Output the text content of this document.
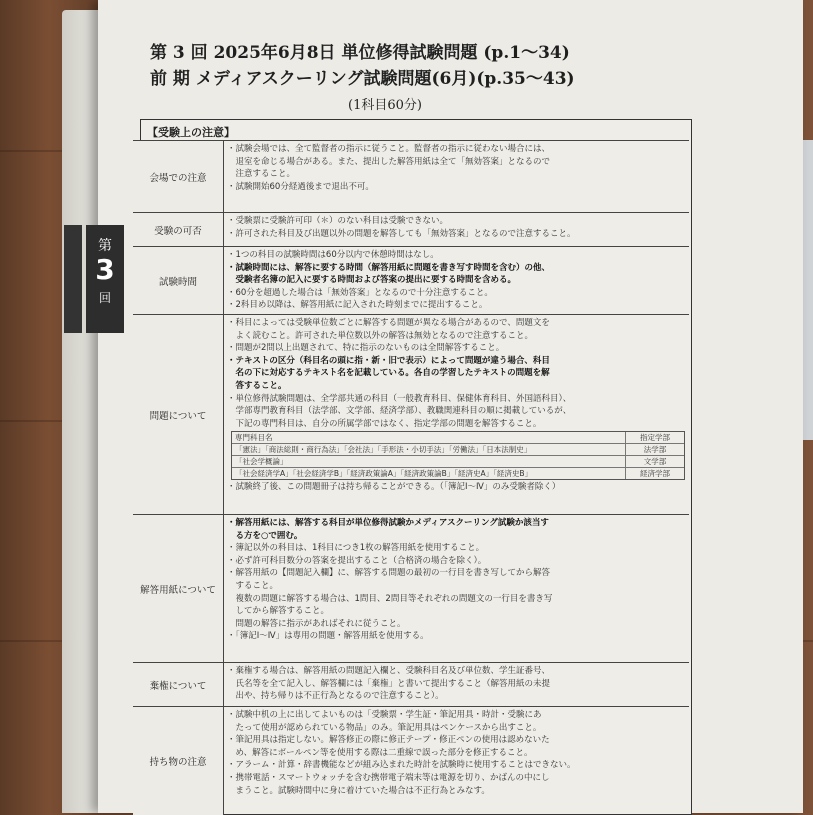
第
3
回
第 3 回 2025年6月8日 単位修得試験問題 (p.1〜34)
前 期 メディアスクーリング試験問題(6月)(p.35〜43)
(1科目60分)
【受験上の注意】
会場での注意
・試験会場では、全て監督者の指示に従うこと。監督者の指示に従わない場合には、
　退室を命じる場合がある。また、提出した解答用紙は全て「無効答案」となるので
　注意すること。
・試験開始60分経過後まで退出不可。
受験の可否
・受験票に受験許可印（＊）のない科目は受験できない。
・許可された科目及び出題以外の問題を解答しても「無効答案」となるので注意すること。
試験時間
・1つの科目の試験時間は60分以内で休憩時間はなし。
・試験時間には、解答に要する時間（解答用紙に問題を書き写す時間を含む）の他、
　受験者名簿の記入に要する時間および答案の提出に要する時間を含める。
・60分を超過した場合は「無効答案」となるので十分注意すること。
・2科目め以降は、解答用紙に記入された時刻までに提出すること。
問題について
・科目によっては受験単位数ごとに解答する問題が異なる場合があるので、問題文を
　よく読むこと。許可された単位数以外の解答は無効となるので注意すること。
・問題が2問以上出題されて、特に指示のないものは全問解答すること。
・テキストの区分（科目名の頭に指・新・旧で表示）によって問題が違う場合、科目
　名の下に対応するテキスト名を記載している。各自の学習したテキストの問題を解
　答すること。
・単位修得試験問題は、全学部共通の科目（一般教育科目、保健体育科目、外国語科目）、
　学部専門教育科目（法学部、文学部、経済学部）、教職関連科目の順に掲載しているが、
　下記の専門科目は、自分の所属学部ではなく、指定学部の問題を解答すること。
専門科目名	指定学部
「憲法」「商法総則・商行為法」「会社法」「手形法・小切手法」「労働法」「日本法制史」	法学部
「社会学概論」	文学部
「社会経済学A」「社会経済学B」「経済政策論A」「経済政策論B」「経済史A」「経済史B」	経済学部
・試験終了後、この問題冊子は持ち帰ることができる。（「簿記Ⅰ〜Ⅳ」のみ受験者除く）
解答用紙について
・解答用紙には、解答する科目が単位修得試験かメディアスクーリング試験か該当す
　る方を○で囲む。
・簿記以外の科目は、1科目につき1枚の解答用紙を使用すること。
・必ず許可科目数分の答案を提出すること（合格済の場合を除く）。
・解答用紙の【問題記入欄】に、解答する問題の最初の一行目を書き写してから解答
　すること。
　複数の問題に解答する場合は、1問目、2問目等それぞれの問題文の一行目を書き写
　してから解答すること。
　問題の解答に指示があればそれに従うこと。
・「簿記Ⅰ〜Ⅳ」は専用の問題・解答用紙を使用する。
棄権について
・棄権する場合は、解答用紙の問題記入欄と、受験科目名及び単位数、学生証番号、
　氏名等を全て記入し、解答欄には「棄権」と書いて提出すること（解答用紙の未提
　出や、持ち帰りは不正行為となるので注意すること）。
持ち物の注意
・試験中机の上に出してよいものは「受験票・学生証・筆記用具・時計・受験にあ
　たって使用が認められている物品」のみ。筆記用具はペンケースから出すこと。
・筆記用具は指定しない。解答修正の際に修正テープ・修正ペンの使用は認めないた
　め、解答にボールペン等を使用する際は二重線で誤った部分を修正すること。
・アラーム・計算・辞書機能などが組み込まれた時計を試験時に使用することはできない。
・携帯電話・スマートウォッチを含む携帯電子端末等は電源を切り、かばんの中にし
　まうこと。試験時間中に身に着けていた場合は不正行為とみなす。
